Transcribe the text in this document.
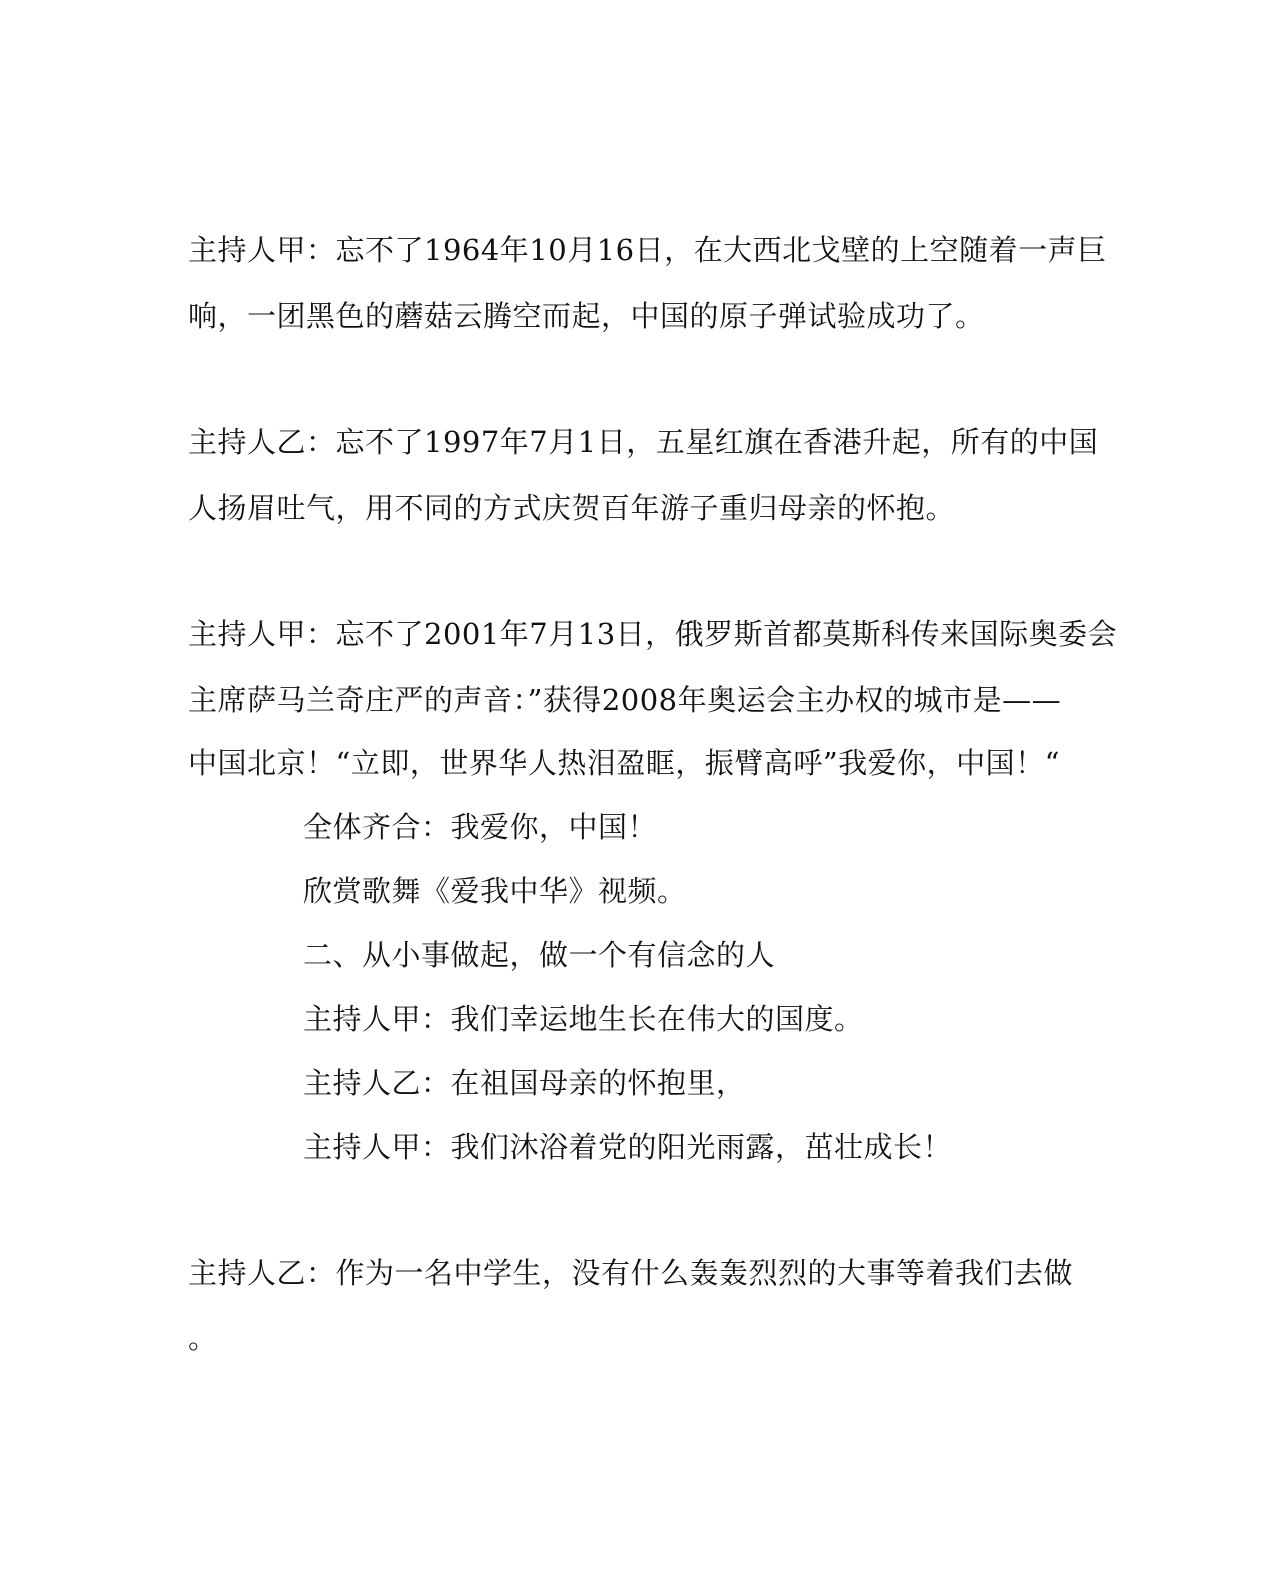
主持人甲：忘不了1964年10月16日，在大西北戈壁的上空随着一声巨
响，一团黑色的蘑菇云腾空而起，中国的原子弹试验成功了。
主持人乙：忘不了1997年7月1日，五星红旗在香港升起，所有的中国
人扬眉吐气，用不同的方式庆贺百年游子重归母亲的怀抱。
主持人甲：忘不了2001年7月13日，俄罗斯首都莫斯科传来国际奥委会
主席萨马兰奇庄严的声音：”获得2008年奥运会主办权的城市是——
中国北京！“立即，世界华人热泪盈眶，振臂高呼”我爱你，中国！“
全体齐合：我爱你，中国！
欣赏歌舞《爱我中华》视频。
二、从小事做起，做一个有信念的人
主持人甲：我们幸运地生长在伟大的国度。
主持人乙：在祖国母亲的怀抱里，
主持人甲：我们沐浴着党的阳光雨露，茁壮成长！
主持人乙：作为一名中学生，没有什么轰轰烈烈的大事等着我们去做
。
